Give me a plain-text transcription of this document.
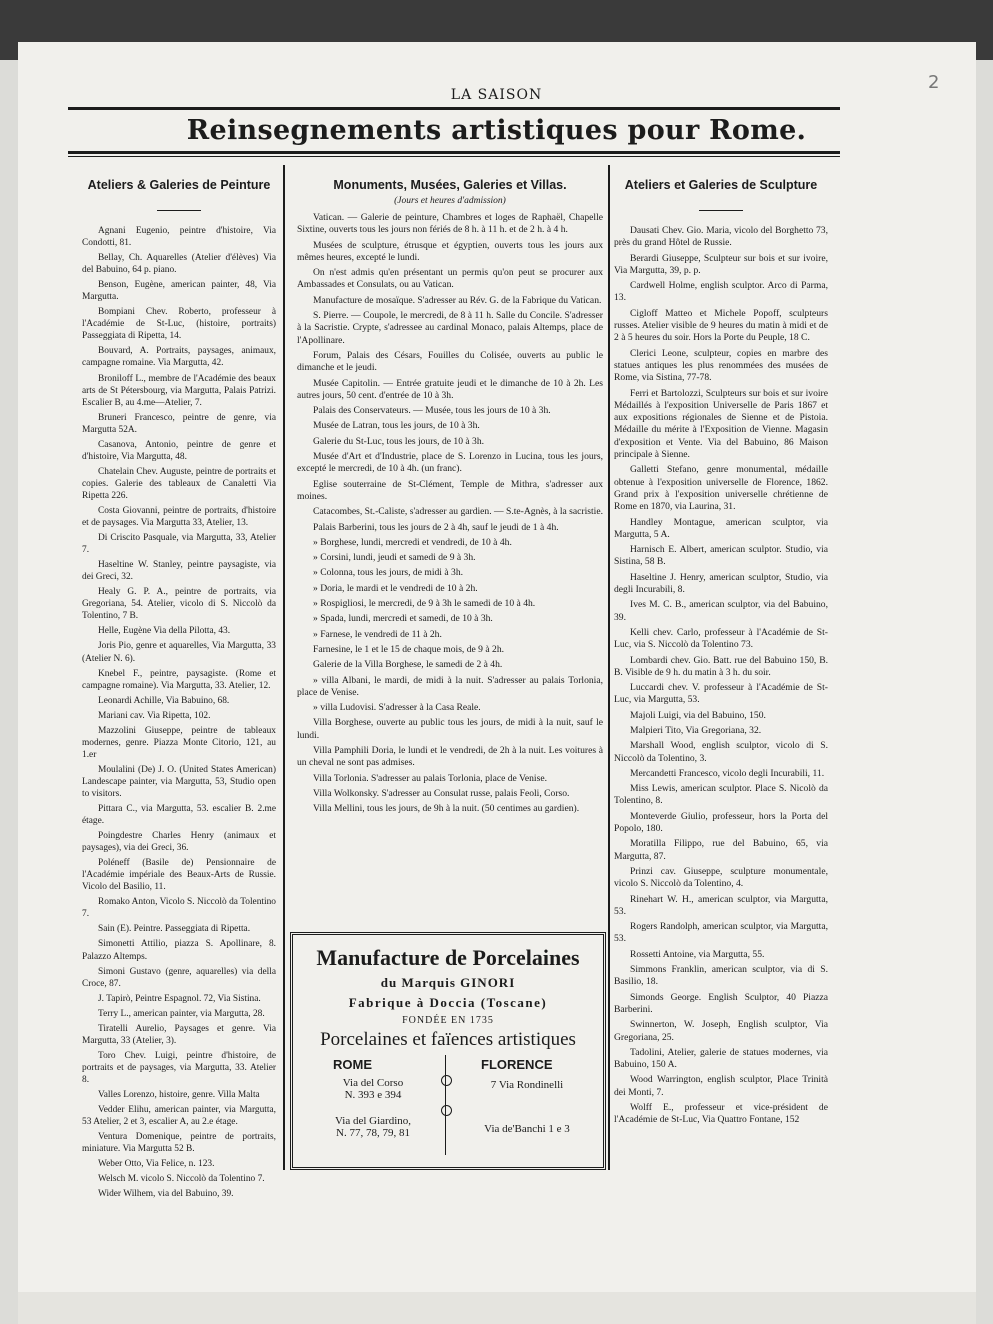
2
LA SAISON
Reinsegnements artistiques pour Rome.
Ateliers & Galeries de Peinture

Agnani Eugenio, peintre d'histoire, Via Condotti, 81.

Bellay, Ch. Aquarelles (Atelier d'élèves) Via del Babuino, 64 p. piano.

Benson, Eugène, american painter, 48, Via Margutta.

Bompiani Chev. Roberto, professeur à l'Académie de St-Luc, (histoire, portraits) Passeggiata di Ripetta, 14.

Bouvard, A. Portraits, paysages, animaux, campagne romaine. Via Margutta, 42.

Broniloff L., membre de l'Académie des beaux arts de St Pétersbourg, via Margutta, Palais Patrizi. Escalier B, au 4.me—Atelier, 7.

Bruneri Francesco, peintre de genre, via Margutta 52A.

Casanova, Antonio, peintre de genre et d'histoire, Via Margutta, 48.

Chatelain Chev. Auguste, peintre de portraits et copies. Galerie des tableaux de Canaletti Via Ripetta 226.

Costa Giovanni, peintre de portraits, d'histoire et de paysages. Via Margutta 33, Atelier, 13.

Di Criscito Pasquale, via Margutta, 33, Atelier 7.

Haseltine W. Stanley, peintre paysagiste, via dei Greci, 32.

Healy G. P. A., peintre de portraits, via Gregoriana, 54. Atelier, vicolo di S. Niccolò da Tolentino, 7 B.

Helle, Eugène Via della Pilotta, 43.

Joris Pio, genre et aquarelles, Via Margutta, 33 (Atelier N. 6).

Knebel F., peintre, paysagiste. (Rome et campagne romaine). Via Margutta, 33. Atelier, 12.

Leonardi Achille, Via Babuino, 68.

Mariani cav. Via Ripetta, 102.

Mazzolini Giuseppe, peintre de tableaux modernes, genre. Piazza Monte Citorio, 121, au 1.er

Moulalini (De) J. O. (United States American) Landescape painter, via Margutta, 53, Studio open to visitors.

Pittara C., via Margutta, 53. escalier B. 2.me étage.

Poingdestre Charles Henry (animaux et paysages), via dei Greci, 36.

Poléneff (Basile de) Pensionnaire de l'Académie impériale des Beaux-Arts de Russie. Vicolo del Basilio, 11.

Romako Anton, Vicolo S. Niccolò da Tolentino 7.

Sain (E). Peintre. Passeggiata di Ripetta.

Simonetti Attilio, piazza S. Apollinare, 8. Palazzo Altemps.

Simoni Gustavo (genre, aquarelles) via della Croce, 87.

J. Tapirò, Peintre Espagnol. 72, Via Sistina.

Terry L., american painter, via Margutta, 28.

Tiratelli Aurelio, Paysages et genre. Via Margutta, 33 (Atelier, 3).

Toro Chev. Luigi, peintre d'histoire, de portraits et de paysages, via Margutta, 33. Atelier 8.

Valles Lorenzo, histoire, genre. Villa Malta

Vedder Elihu, american painter, via Margutta, 53 Atelier, 2 et 3, escalier A, au 2.e étage.

Ventura Domenique, peintre de portraits, miniature. Via Margutta 52 B.

Weber Otto, Via Felice, n. 123.

Welsch M. vicolo S. Niccolò da Tolentino 7.

Wider Wilhem, via del Babuino, 39.

Monuments, Musées, Galeries et Villas.
(Jours et heures d'admission)

Vatican. — Galerie de peinture, Chambres et loges de Raphaël, Chapelle Sixtine, ouverts tous les jours non fériés de 8 h. à 11 h. et de 2 h. à 4 h.

Musées de sculpture, étrusque et égyptien, ouverts tous les jours aux mêmes heures, excepté le lundi.

On n'est admis qu'en présentant un permis qu'on peut se procurer aux Ambassades et Consulats, ou au Vatican.

Manufacture de mosaïque. S'adresser au Rév. G. de la Fabrique du Vatican.

S. Pierre. — Coupole, le mercredi, de 8 à 11 h. Salle du Concile. S'adresser à la Sacristie. Crypte, s'adressee au cardinal Monaco, palais Altemps, place de l'Apollinare.

Forum, Palais des Césars, Fouilles du Colisée, ouverts au public le dimanche et le jeudi.

Musée Capitolin. — Entrée gratuite jeudi et le dimanche de 10 à 2h. Les autres jours, 50 cent. d'entrée de 10 à 3h.

Palais des Conservateurs. — Musée, tous les jours de 10 à 3h.

Musée de Latran, tous les jours, de 10 à 3h.

Galerie du St-Luc, tous les jours, de 10 à 3h.

Musée d'Art et d'Industrie, place de S. Lorenzo in Lucina, tous les jours, excepté le mercredi, de 10 à 4h. (un franc).

Eglise souterraine de St-Clément, Temple de Mithra, s'adresser aux moines.

Catacombes, St.-Caliste, s'adresser au gardien. — S.te-Agnès, à la sacristie.

Palais Barberini, tous les jours de 2 à 4h, sauf le jeudi de 1 à 4h.

» Borghese, lundi, mercredi et vendredi, de 10 à 4h.

» Corsini, lundi, jeudi et samedi de 9 à 3h.

» Colonna, tous les jours, de midi à 3h.

» Doria, le mardi et le vendredi de 10 à 2h.

» Rospigliosi, le mercredi, de 9 à 3h le samedi de 10 à 4h.

» Spada, lundi, mercredi et samedi, de 10 à 3h.

» Farnese, le vendredi de 11 à 2h.

Farnesine, le 1 et le 15 de chaque mois, de 9 à 2h.

Galerie de la Villa Borghese, le samedi de 2 à 4h.

» villa Albani, le mardi, de midi à la nuit. S'adresser au palais Torlonia, place de Venise.

» villa Ludovisi. S'adresser à la Casa Reale.

Villa Borghese, ouverte au public tous les jours, de midi à la nuit, sauf le lundi.

Villa Pamphili Doria, le lundi et le vendredi, de 2h à la nuit. Les voitures à un cheval ne sont pas admises.

Villa Torlonia. S'adresser au palais Torlonia, place de Venise.

Villa Wolkonsky. S'adresser au Consulat russe, palais Feoli, Corso.

Villa Mellini, tous les jours, de 9h à la nuit. (50 centimes au gardien).

Ateliers et Galeries de Sculpture

Dausati Chev. Gio. Maria, vicolo del Borghetto 73, près du grand Hôtel de Russie.

Berardi Giuseppe, Sculpteur sur bois et sur ivoire, Via Margutta, 39, p. p.

Cardwell Holme, english sculptor. Arco di Parma, 13.

Cigloff Matteo et Michele Popoff, sculpteurs russes. Atelier visible de 9 heures du matin à midi et de 2 à 5 heures du soir. Hors la Porte du Peuple, 18 C.

Clerici Leone, sculpteur, copies en marbre des statues antiques les plus renommées des musées de Rome, via Sistina, 77-78.

Ferri et Bartolozzi, Sculpteurs sur bois et sur ivoire Médaillés à l'exposition Universelle de Paris 1867 et aux expositions régionales de Sienne et de Pistoia. Médaille du mérite à l'Exposition de Vienne. Magasin d'exposition et Vente. Via del Babuino, 86 Maison principale à Sienne.

Galletti Stefano, genre monumental, médaille obtenue à l'exposition universelle de Florence, 1862. Grand prix à l'exposition universelle chrétienne de Rome en 1870, via Laurina, 31.

Handley Montague, american sculptor, via Margutta, 5 A.

Harnisch E. Albert, american sculptor. Studio, via Sistina, 58 B.

Haseltine J. Henry, american sculptor, Studio, via degli Incurabili, 8.

Ives M. C. B., american sculptor, via del Babuino, 39.

Kelli chev. Carlo, professeur à l'Académie de St-Luc, via S. Niccolò da Tolentino 73.

Lombardi chev. Gio. Batt. rue del Babuino 150, B. B. Visible de 9 h. du matin à 3 h. du soir.

Luccardi chev. V. professeur à l'Académie de St-Luc, via Margutta, 53.

Majoli Luigi, via del Babuino, 150.

Malpieri Tito, Via Gregoriana, 32.

Marshall Wood, english sculptor, vicolo di S. Niccolò da Tolentino, 3.

Mercandetti Francesco, vicolo degli Incurabili, 11.

Miss Lewis, american sculptor. Place S. Nicolò da Tolentino, 8.

Monteverde Giulio, professeur, hors la Porta del Popolo, 180.

Moratilla Filippo, rue del Babuino, 65, via Margutta, 87.

Prinzi cav. Giuseppe, sculpture monumentale, vicolo S. Niccolò da Tolentino, 4.

Rinehart W. H., american sculptor, via Margutta, 53.

Rogers Randolph, american sculptor, via Margutta, 53.

Rossetti Antoine, via Margutta, 55.

Simmons Franklin, american sculptor, via di S. Basilio, 18.

Simonds George. English Sculptor, 40 Piazza Barberini.

Swinnerton, W. Joseph, English sculptor, Via Gregoriana, 25.

Tadolini, Atelier, galerie de statues modernes, via Babuino, 150 A.

Wood Warrington, english sculptor, Place Trinità dei Monti, 7.

Wolff E., professeur et vice-président de l'Académie de St-Luc, Via Quattro Fontane, 152

Manufacture de Porcelaines
du Marquis GINORI
Fabrique à Doccia (Toscane)
FONDÉE EN 1735
Porcelaines et faïences artistiques
ROME	FLORENCE
Via del Corso
N. 393 e 394
Via del Giardino,
N. 77, 78, 79, 81
7 Via Rondinelli
Via de'Banchi 1 e 3
